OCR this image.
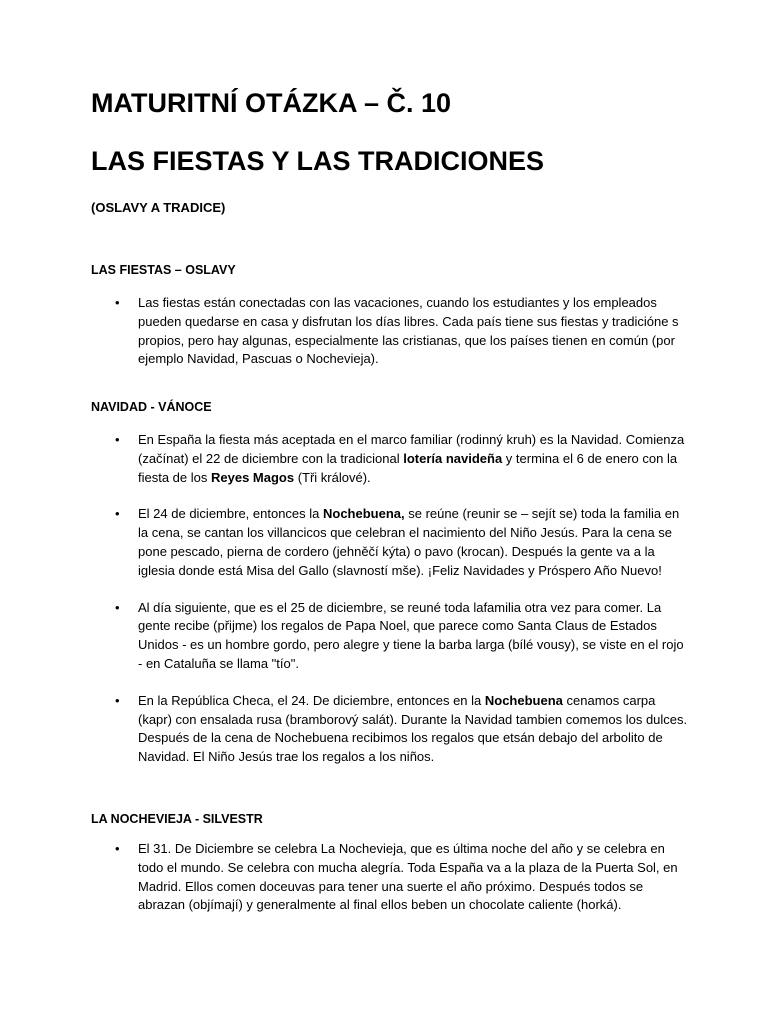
MATURITNÍ OTÁZKA – Č. 10
LAS FIESTAS Y LAS TRADICIONES

(OSLAVY A TRADICE)

LAS FIESTAS – OSLAVY

• Las fiestas están conectadas con las vacaciones, cuando los estudiantes y los empleados pueden quedarse en casa y disfrutan los días libres. Cada país tiene sus fiestas y tradicióne s propios, pero hay algunas, especialmente las cristianas, que los países tienen en común (por ejemplo Navidad, Pascuas o Nochevieja).

NAVIDAD - VÁNOCE

• En España la fiesta más aceptada en el marco familiar (rodinný kruh) es la Navidad. Comienza (začínat) el 22 de diciembre con la tradicional lotería navideña y termina el 6 de enero con la fiesta de los Reyes Magos (Tři králové).
• El 24 de diciembre, entonces la Nochebuena, se reúne (reunir se – sejít se) toda la familia en la cena, se cantan los villancicos que celebran el nacimiento del Niño Jesús. Para la cena se pone pescado, pierna de cordero (jehněčí kýta) o pavo (krocan). Después la gente va a la iglesia donde está Misa del Gallo (slavností mše). ¡Feliz Navidades y Próspero Año Nuevo!
• Al día siguiente, que es el 25 de diciembre, se reuné toda lafamilia otra vez para comer. La gente recibe (přijme) los regalos de Papa Noel, que parece como Santa Claus de Estados Unidos - es un hombre gordo, pero alegre y tiene la barba larga (bílé vousy), se viste en el rojo - en Cataluña se llama "tío".
• En la República Checa, el 24. De diciembre, entonces en la Nochebuena cenamos carpa (kapr) con ensalada rusa (bramborový salát). Durante la Navidad tambien comemos los dulces. Después de la cena de Nochebuena recibimos los regalos que etsán debajo del arbolito de Navidad. El Niño Jesús trae los regalos a los niños.

LA NOCHEVIEJA - SILVESTR

• El 31. De Diciembre se celebra La Nochevieja, que es última noche del año y se celebra en todo el mundo. Se celebra con mucha alegría. Toda España va a la plaza de la Puerta Sol, en Madrid. Ellos comen doceuvas para tener una suerte el año próximo. Después todos se abrazan (objímají) y generalmente al final ellos beben un chocolate caliente (horká).
